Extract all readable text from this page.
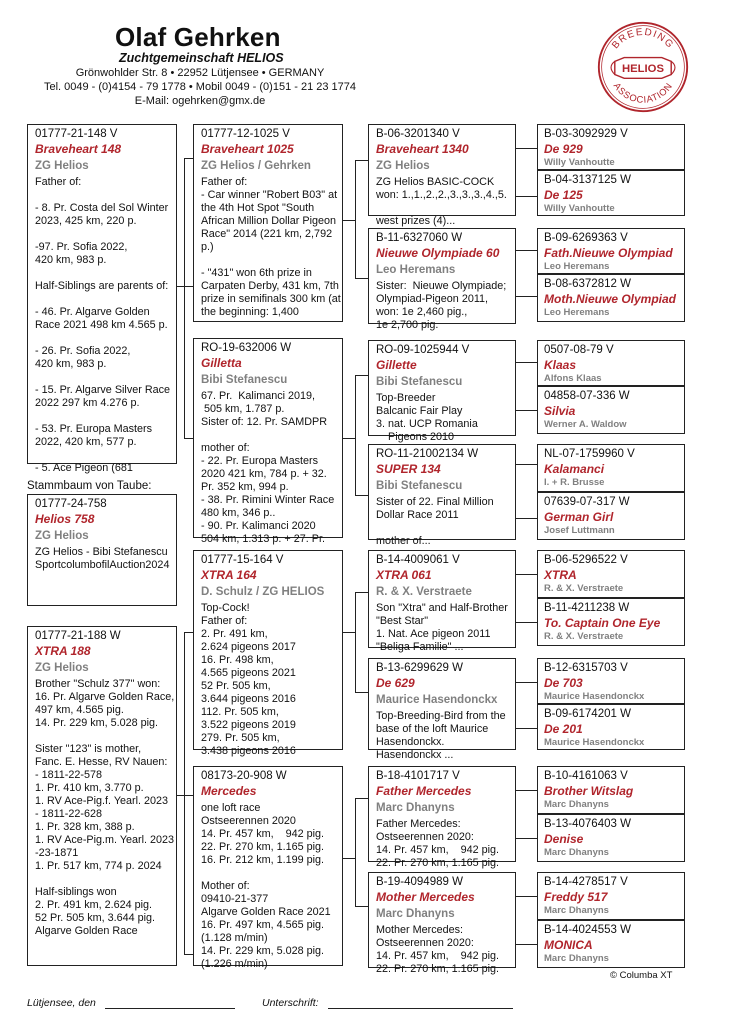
Olaf Gehrken
Zuchtgemeinschaft HELIOS
Grönwohlder Str. 8 • 22952 Lütjensee • GERMANY
Tel. 0049 - (0)4154 - 79 1778 • Mobil 0049 - (0)151 - 21 23 1774
E-Mail: ogehrken@gmx.de
BREEDING
ASSOCIATION
HELIOS
01777-21-148 V
Braveheart 148
ZG Helios
Father of:

- 8. Pr. Costa del Sol Winter 2023, 425 km, 220 p.

-97. Pr. Sofia 2022,
420 km, 983 p.

Half-Siblings are parents of:

- 46. Pr. Algarve Golden Race 2021 498 km 4.565 p.

- 26. Pr. Sofia 2022,
420 km, 983 p.

- 15. Pr. Algarve Silver Race 2022 297 km 4.276 p.

- 53. Pr. Europa Masters 2022, 420 km, 577 p.

- 5. Ace Pigeon (681
Stammbaum von Taube:
01777-24-758
Helios 758
ZG Helios
ZG Helios - Bibi Stefanescu
SportcolumbofilAuction2024
01777-21-188 W
XTRA 188
ZG Helios
Brother "Schulz 377" won:
16. Pr. Algarve Golden Race,
497 km, 4.565 pig.
14. Pr. 229 km, 5.028 pig.

Sister "123" is mother,
Fanc. E. Hesse, RV Nauen:
- 1811-22-578
1. Pr. 410 km, 3.770 p.
1. RV Ace-Pig.f. Yearl. 2023
- 1811-22-628
1. Pr. 328 km, 388 p.
1. RV Ace-Pig.m. Yearl. 2023
-23-1871
1. Pr. 517 km, 774 p. 2024

Half-siblings won
2. Pr. 491 km, 2.624 pig.
52 Pr. 505 km, 3.644 pig.
Algarve Golden Race
01777-12-1025 V
Braveheart 1025
ZG Helios / Gehrken
Father of:
- Car winner "Robert B03" at the 4th Hot Spot "South African Million Dollar Pigeon Race" 2014 (221 km, 2,792 p.)

- "431" won 6th prize in Carpaten Derby, 431 km, 7th prize in semifinals 300 km (at the beginning: 1,400
RO-19-632006 W
Gilletta
Bibi Stefanescu
67. Pr.  Kalimanci 2019,
505 km, 1.787 p.
Sister of: 12. Pr. SAMDPR

mother of:
- 22. Pr. Europa Masters 2020 421 km, 784 p. + 32. Pr. 352 km, 994 p.
- 38. Pr. Rimini Winter Race 480 km, 346 p..
- 90. Pr. Kalimanci 2020
504 km, 1.313 p. + 27. Pr.
01777-15-164 V
XTRA 164
D. Schulz / ZG HELIOS
Top-Cock!
Father of:
2. Pr. 491 km,
2.624 pigeons 2017
16. Pr. 498 km,
4.565 pigeons 2021
52 Pr. 505 km,
3.644 pigeons 2016
112. Pr. 505 km,
3.522 pigeons 2019
279. Pr. 505 km,
3.438 pigeons 2016
08173-20-908 W
Mercedes
one loft race
Ostseerennen 2020
14. Pr. 457 km,    942 pig.
22. Pr. 270 km, 1.165 pig.
16. Pr. 212 km, 1.199 pig.

Mother of:
09410-21-377
Algarve Golden Race 2021
16. Pr. 497 km, 4.565 pig.
(1.128 m/min)
14. Pr. 229 km, 5.028 pig.
(1.226 m/min)
B-06-3201340 V
Braveheart 1340
ZG Helios
ZG Helios BASIC-COCK
won: 1.,1.,2.,2.,3.,3.,3.,4.,5.

west prizes (4)...
B-11-6327060 W
Nieuwe Olympiade 60
Leo Heremans
Sister:  Nieuwe Olympiade;
Olympiad-Pigeon 2011,
won: 1e 2,460 pig.,
1e 2,700 pig.
RO-09-1025944 V
Gillette
Bibi Stefanescu
Top-Breeder
Balcanic Fair Play
3. nat. UCP Romania
Pigeons 2010
RO-11-21002134 W
SUPER 134
Bibi Stefanescu
Sister of 22. Final Million
Dollar Race 2011

mother of...
B-14-4009061 V
XTRA 061
R. & X. Verstraete
Son "Xtra" and Half-Brother
"Best Star"
1. Nat. Ace pigeon 2011
"Beliga Familie" ...
B-13-6299629 W
De 629
Maurice Hasendonckx
Top-Breeding-Bird from the
base of the loft Maurice
Hasendonckx.
Hasendonckx ...
B-18-4101717 V
Father Mercedes
Marc Dhanyns
Father Mercedes:
Ostseerennen 2020:
14. Pr. 457 km,    942 pig.
22. Pr. 270 km, 1.165 pig.
B-19-4094989 W
Mother Mercedes
Marc Dhanyns
Mother Mercedes:
Ostseerennen 2020:
14. Pr. 457 km,    942 pig.
22. Pr. 270 km, 1.165 pig.
B-03-3092929 V
De 929
Willy Vanhoutte
B-04-3137125 W
De 125
Willy Vanhoutte
B-09-6269363 V
Fath.Nieuwe Olympiad
Leo Heremans
B-08-6372812 W
Moth.Nieuwe Olympiad
Leo Heremans
0507-08-79 V
Klaas
Alfons Klaas
04858-07-336 W
Silvia
Werner A. Waldow
NL-07-1759960 V
Kalamanci
I. + R. Brusse
07639-07-317 W
German Girl
Josef Luttmann
B-06-5296522 V
XTRA
R. & X. Verstraete
B-11-4211238 W
To. Captain One Eye
R. & X. Verstraete
B-12-6315703 V
De 703
Maurice Hasendonckx
B-09-6174201 W
De 201
Maurice Hasendonckx
B-10-4161063 V
Brother Witslag
Marc Dhanyns
B-13-4076403 W
Denise
Marc Dhanyns
B-14-4278517 V
Freddy 517
Marc Dhanyns
B-14-4024553 W
MONICA
Marc Dhanyns
© Columba XT
Lütjensee, den	Unterschrift:
